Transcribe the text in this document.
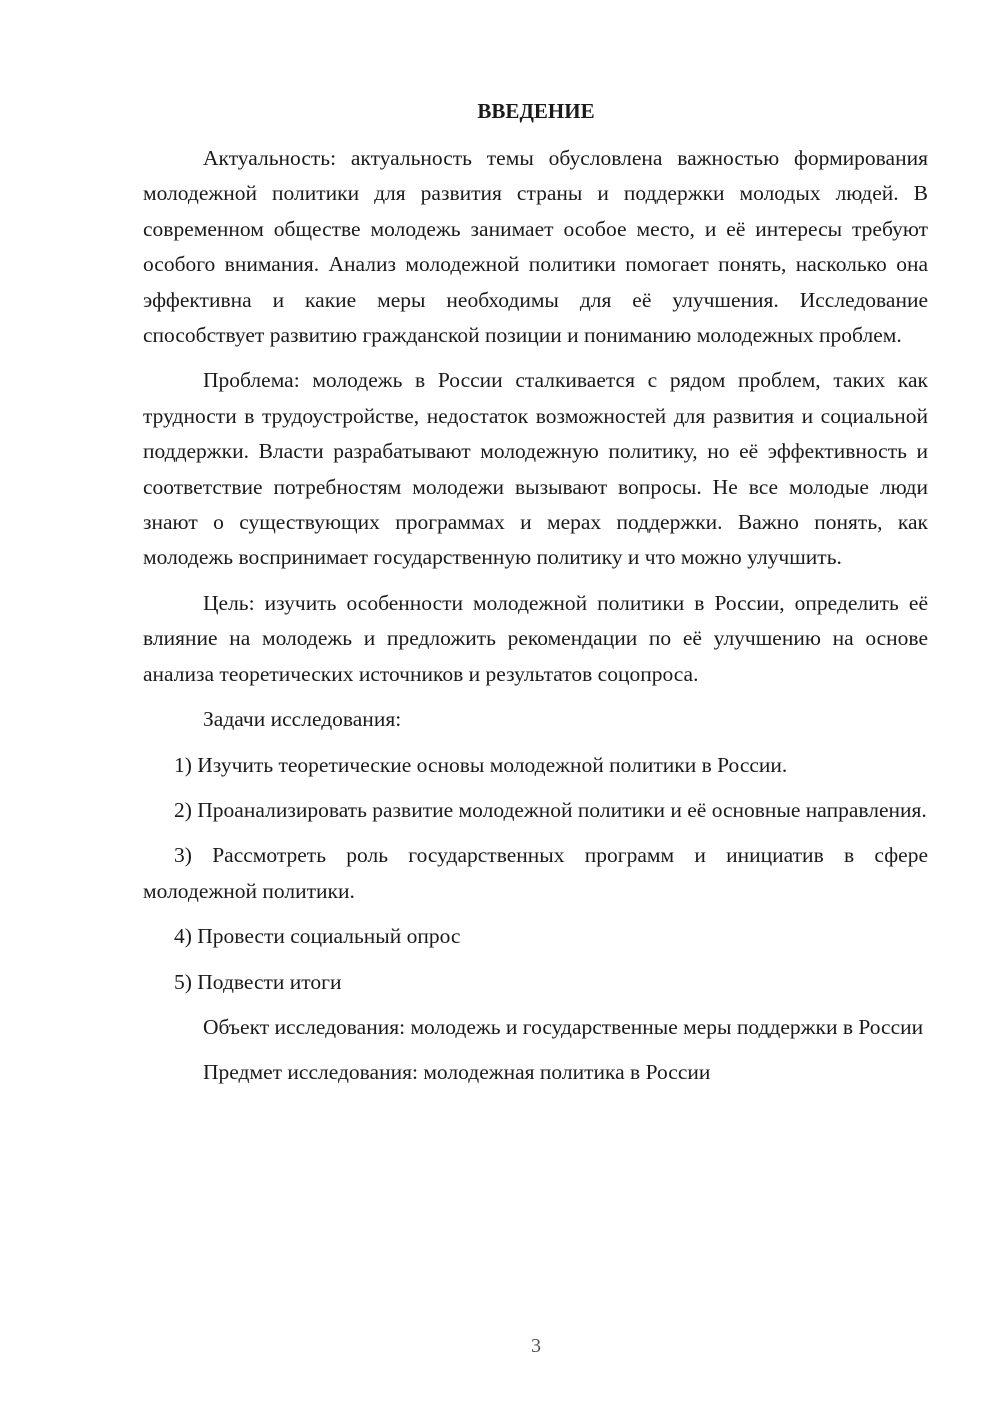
ВВЕДЕНИЕ

Актуальность: актуальность темы обусловлена важностью формирования молодежной политики для развития страны и поддержки молодых людей. В современном обществе молодежь занимает особое место, и её интересы требуют особого внимания. Анализ молодежной политики помогает понять, насколько она эффективна и какие меры необходимы для её улучшения. Исследование способствует развитию гражданской позиции и пониманию молодежных проблем.

Проблема: молодежь в России сталкивается с рядом проблем, таких как трудности в трудоустройстве, недостаток возможностей для развития и социальной поддержки. Власти разрабатывают молодежную политику, но её эффективность и соответствие потребностям молодежи вызывают вопросы. Не все молодые люди знают о существующих программах и мерах поддержки. Важно понять, как молодежь воспринимает государственную политику и что можно улучшить.

Цель: изучить особенности молодежной политики в России, определить её влияние на молодежь и предложить рекомендации по её улучшению на основе анализа теоретических источников и результатов соцопроса.

Задачи исследования:

1) Изучить теоретические основы молодежной политики в России.

2) Проанализировать развитие молодежной политики и её основные направления.

3) Рассмотреть роль государственных программ и инициатив в сфере молодежной политики.

4) Провести социальный опрос

5) Подвести итоги

Объект исследования: молодежь и государственные меры поддержки в России

Предмет исследования: молодежная политика в России

3
